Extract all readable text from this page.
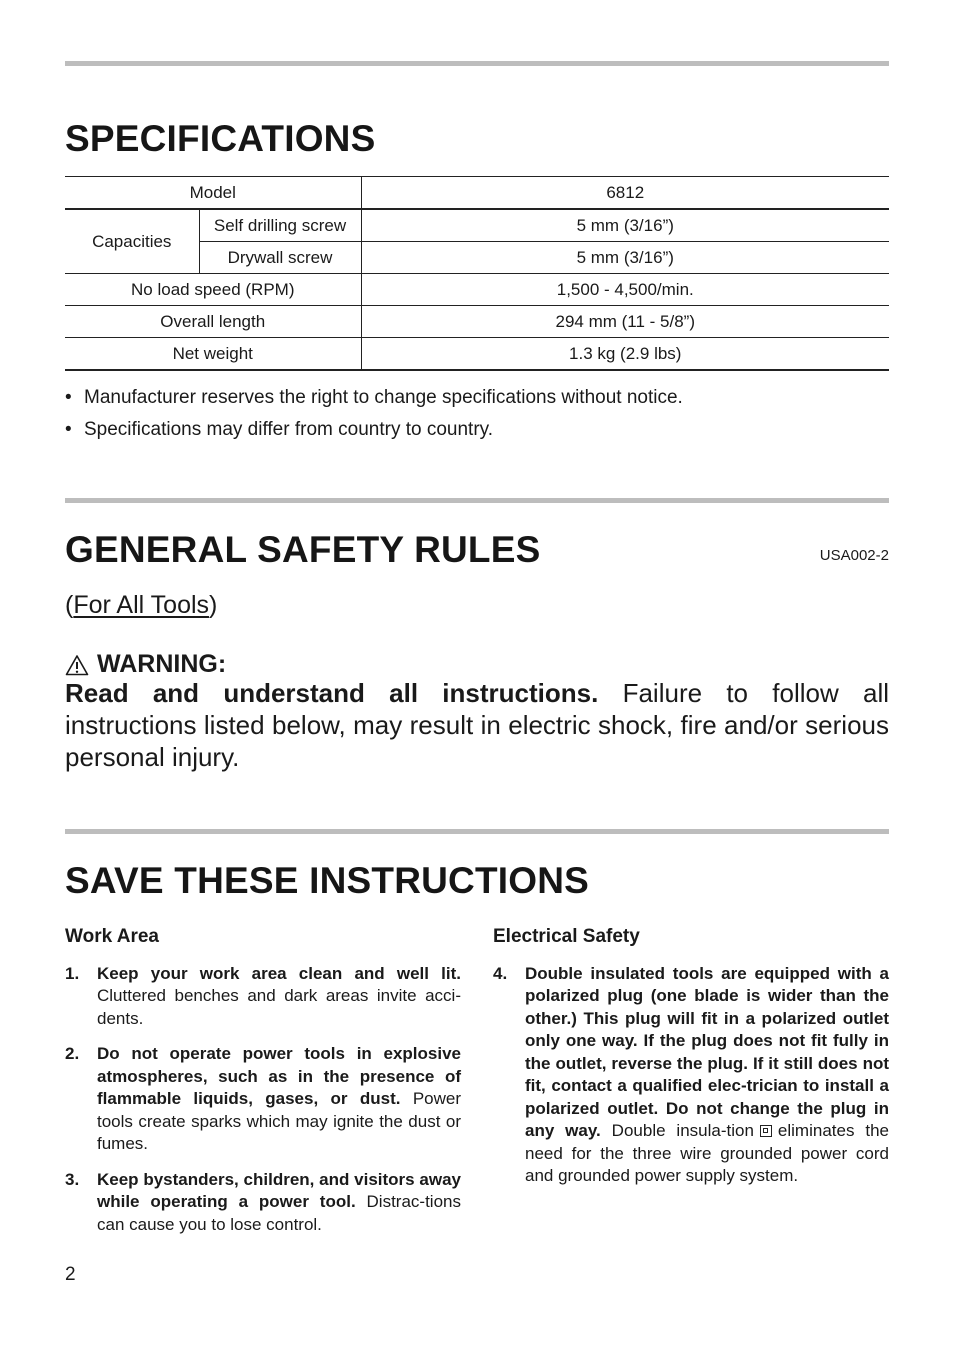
SPECIFICATIONS
Model		6812
Capacities	Self drilling screw	5 mm (3/16”)
	Drywall screw	5 mm (3/16”)
No load speed (RPM)		1,500 - 4,500/min.
Overall length		294 mm (11 - 5/8”)
Net weight		1.3 kg (2.9 lbs)
• Manufacturer reserves the right to change specifications without notice.
• Specifications may differ from country to country.
GENERAL SAFETY RULES	USA002-2
(For All Tools)
WARNING:
Read and understand all instructions. Failure to follow all instructions listed below, may result in electric shock, fire and/or serious personal injury.
SAVE THESE INSTRUCTIONS
Work Area
1. Keep your work area clean and well lit. Cluttered benches and dark areas invite acci-dents.
2. Do not operate power tools in explosive atmospheres, such as in the presence of flammable liquids, gases, or dust. Power tools create sparks which may ignite the dust or fumes.
3. Keep bystanders, children, and visitors away while operating a power tool. Distrac-tions can cause you to lose control.
Electrical Safety
4. Double insulated tools are equipped with a polarized plug (one blade is wider than the other.) This plug will fit in a polarized outlet only one way. If the plug does not fit fully in the outlet, reverse the plug. If it still does not fit, contact a qualified elec-trician to install a polarized outlet. Do not change the plug in any way. Double insula-tion eliminates the need for the three wire grounded power cord and grounded power supply system.
2
